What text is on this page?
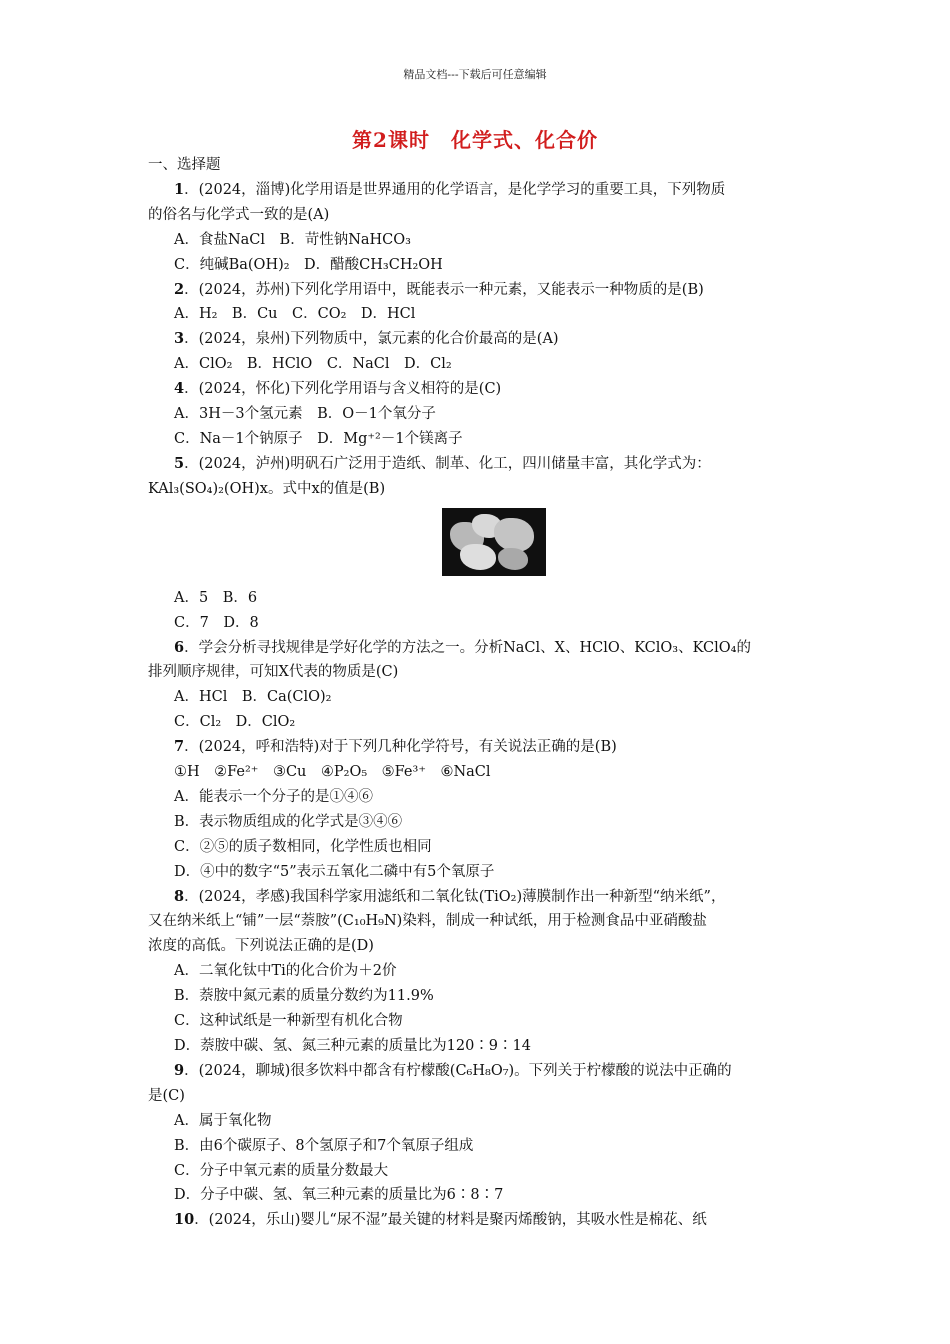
精品文档---下载后可任意编辑
第2课时　化学式、化合价
一、选择题
1．(2024，淄博)化学用语是世界通用的化学语言，是化学学习的重要工具，下列物质
的俗名与化学式一致的是(A)
A．食盐NaCl　B．苛性钠NaHCO₃
C．纯碱Ba(OH)₂　D．醋酸CH₃CH₂OH
2．(2024，苏州)下列化学用语中，既能表示一种元素，又能表示一种物质的是(B)
A．H₂　B．Cu　C．CO₂　D．HCl
3．(2024，泉州)下列物质中，氯元素的化合价最高的是(A)
A．ClO₂　B．HClO　C．NaCl　D．Cl₂
4．(2024，怀化)下列化学用语与含义相符的是(C)
A．3H－3个氢元素　B．O－1个氧分子
C．Na－1个钠原子　D．Mg⁺²－1个镁离子
5．(2024，泸州)明矾石广泛用于造纸、制革、化工，四川储量丰富，其化学式为：
KAl₃(SO₄)₂(OH)x。式中x的值是(B)
A．5　B．6
C．7　D．8
6．学会分析寻找规律是学好化学的方法之一。分析NaCl、X、HClO、KClO₃、KClO₄的
排列顺序规律，可知X代表的物质是(C)
A．HCl　B．Ca(ClO)₂
C．Cl₂　D．ClO₂
7．(2024，呼和浩特)对于下列几种化学符号，有关说法正确的是(B)
①H　②Fe²⁺　③Cu　④P₂O₅　⑤Fe³⁺　⑥NaCl
A．能表示一个分子的是①④⑥
B．表示物质组成的化学式是③④⑥
C．②⑤的质子数相同，化学性质也相同
D．④中的数字“5”表示五氧化二磷中有5个氧原子
8．(2024，孝感)我国科学家用滤纸和二氧化钛(TiO₂)薄膜制作出一种新型“纳米纸”，
又在纳米纸上“铺”一层“萘胺”(C₁₀H₉N)染料，制成一种试纸，用于检测食品中亚硝酸盐
浓度的高低。下列说法正确的是(D)
A．二氧化钛中Ti的化合价为＋2价
B．萘胺中氮元素的质量分数约为11.9%
C．这种试纸是一种新型有机化合物
D．萘胺中碳、氢、氮三种元素的质量比为120∶9∶14
9．(2024，聊城)很多饮料中都含有柠檬酸(C₆H₈O₇)。下列关于柠檬酸的说法中正确的
是(C)
A．属于氧化物
B．由6个碳原子、8个氢原子和7个氧原子组成
C．分子中氧元素的质量分数最大
D．分子中碳、氢、氧三种元素的质量比为6∶8∶7
10．(2024，乐山)婴儿“尿不湿”最关键的材料是聚丙烯酸钠，其吸水性是棉花、纸
